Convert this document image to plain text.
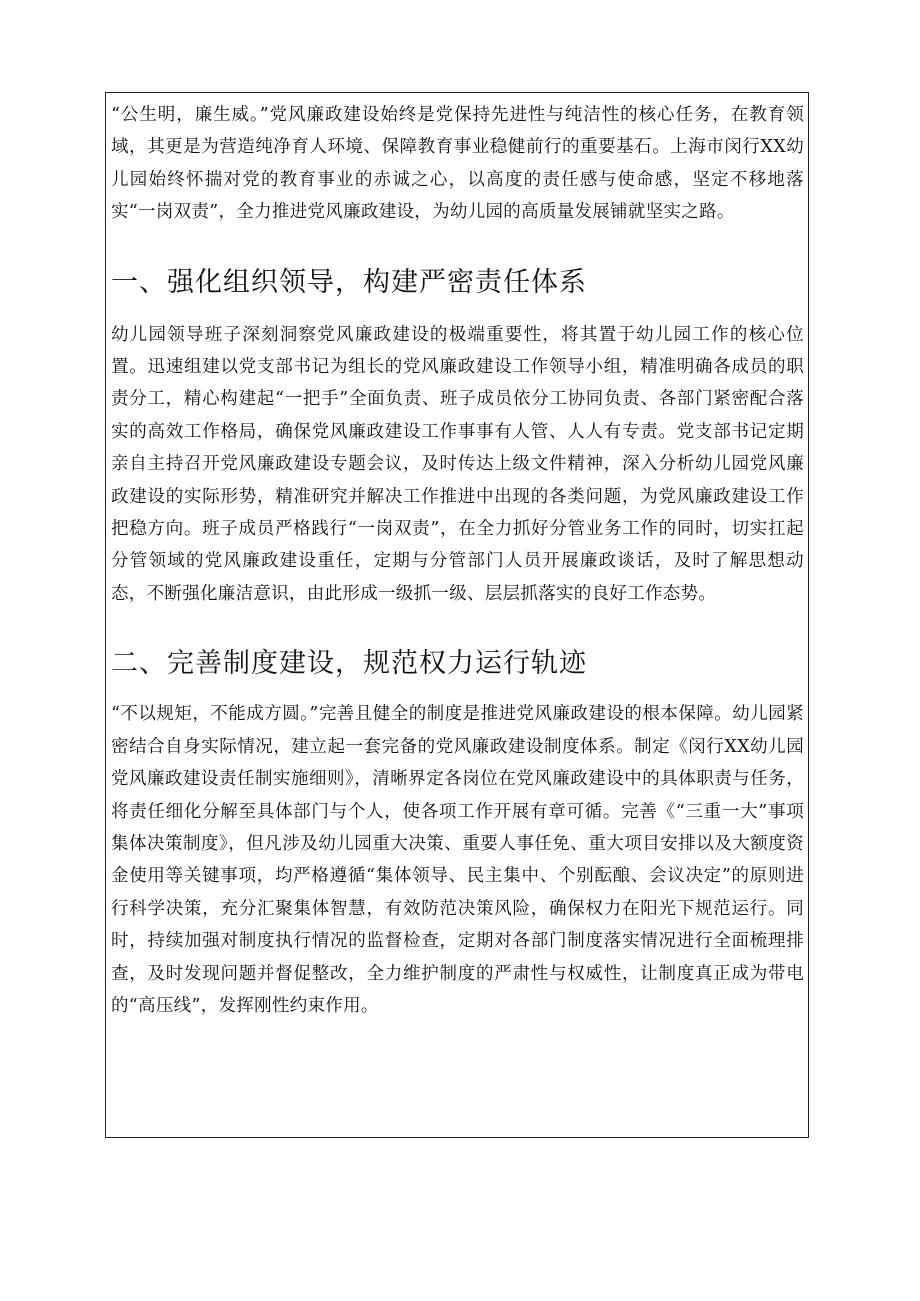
“公生明，廉生威。”党风廉政建设始终是党保持先进性与纯洁性的核心任务，在教育领域，其更是为营造纯净育人环境、保障教育事业稳健前行的重要基石。上海市闵行XX幼儿园始终怀揣对党的教育事业的赤诚之心，以高度的责任感与使命感，坚定不移地落实“一岗双责”，全力推进党风廉政建设，为幼儿园的高质量发展铺就坚实之路。

一、强化组织领导，构建严密责任体系

幼儿园领导班子深刻洞察党风廉政建设的极端重要性，将其置于幼儿园工作的核心位置。迅速组建以党支部书记为组长的党风廉政建设工作领导小组，精准明确各成员的职责分工，精心构建起“一把手”全面负责、班子成员依分工协同负责、各部门紧密配合落实的高效工作格局，确保党风廉政建设工作事事有人管、人人有专责。党支部书记定期亲自主持召开党风廉政建设专题会议，及时传达上级文件精神，深入分析幼儿园党风廉政建设的实际形势，精准研究并解决工作推进中出现的各类问题，为党风廉政建设工作把稳方向。班子成员严格践行“一岗双责”，在全力抓好分管业务工作的同时，切实扛起分管领域的党风廉政建设重任，定期与分管部门人员开展廉政谈话，及时了解思想动态，不断强化廉洁意识，由此形成一级抓一级、层层抓落实的良好工作态势。

二、完善制度建设，规范权力运行轨迹

“不以规矩，不能成方圆。”完善且健全的制度是推进党风廉政建设的根本保障。幼儿园紧密结合自身实际情况，建立起一套完备的党风廉政建设制度体系。制定《闵行XX幼儿园党风廉政建设责任制实施细则》，清晰界定各岗位在党风廉政建设中的具体职责与任务，将责任细化分解至具体部门与个人，使各项工作开展有章可循。完善《“三重一大”事项集体决策制度》，但凡涉及幼儿园重大决策、重要人事任免、重大项目安排以及大额度资金使用等关键事项，均严格遵循“集体领导、民主集中、个别酝酿、会议决定”的原则进行科学决策，充分汇聚集体智慧，有效防范决策风险，确保权力在阳光下规范运行。同时，持续加强对制度执行情况的监督检查，定期对各部门制度落实情况进行全面梳理排查，及时发现问题并督促整改，全力维护制度的严肃性与权威性，让制度真正成为带电的“高压线”，发挥刚性约束作用。
